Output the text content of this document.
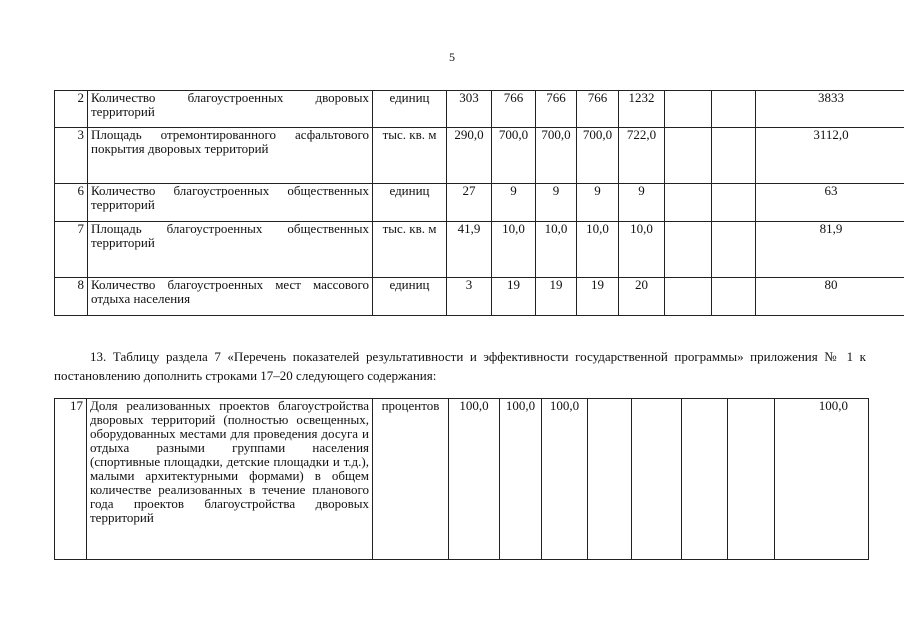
5
2	Количество благоустроенных дворовых территорий	единиц	303	766	766	766	1232			3833
3	Площадь отремонтированного асфальтового покрытия дворовых территорий	тыс. кв. м	290,0	700,0	700,0	700,0	722,0			3112,0
6	Количество благоустроенных общественных территорий	единиц	27	9	9	9	9			63
7	Площадь благоустроенных общественных территорий	тыс. кв. м	41,9	10,0	10,0	10,0	10,0			81,9
8	Количество благоустроенных мест массового отдыха населения	единиц	3	19	19	19	20			80
13. Таблицу раздела 7 «Перечень показателей результативности и эффективности государственной программы» приложения № 1 к постановлению дополнить строками 17–20 следующего содержания:
17	Доля реализованных проектов благоустройства дворовых территорий (полностью освещенных, оборудованных местами для проведения досуга и отдыха разными группами населения (спортивные площадки, детские площадки и т.д.), малыми архитектурными формами) в общем количестве реализованных в течение планового года проектов благоустройства дворовых территорий	процентов	100,0	100,0	100,0					100,0
